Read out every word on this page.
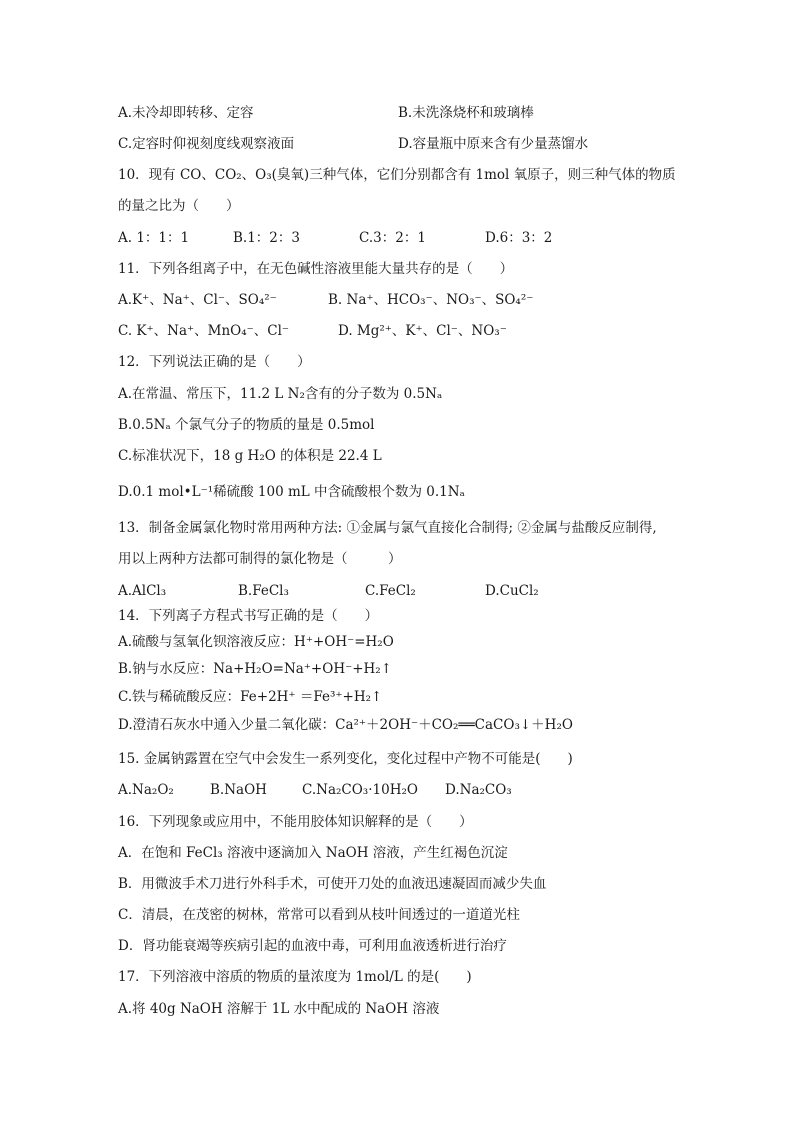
A.未冷却即转移、定容	B.未洗涤烧杯和玻璃棒
C.定容时仰视刻度线观察液面	D.容量瓶中原来含有少量蒸馏水
10．现有 CO、CO₂、O₃(臭氧)三种气体，它们分别都含有 1mol 氧原子，则三种气体的物质
的量之比为（　　）
A. 1：1：1	B.1：2：3	C.3：2：1	D.6：3：2
11．下列各组离子中，在无色碱性溶液里能大量共存的是（　　）
A.K⁺、Na⁺、Cl⁻、SO₄²⁻	B. Na⁺、HCO₃⁻、NO₃⁻、SO₄²⁻
C. K⁺、Na⁺、MnO₄⁻、Cl⁻	D. Mg²⁺、K⁺、Cl⁻、NO₃⁻
12．下列说法正确的是（　　）
A.在常温、常压下，11.2 L N₂含有的分子数为 0.5Nₐ
B.0.5Nₐ 个氯气分子的物质的量是 0.5mol
C.标准状况下，18 g H₂O 的体积是 22.4 L
D.0.1 mol•L⁻¹稀硫酸 100 mL 中含硫酸根个数为 0.1Nₐ
13．制备金属氯化物时常用两种方法: ①金属与氯气直接化合制得; ②金属与盐酸反应制得,
用以上两种方法都可制得的氯化物是（　　　）
A.AlCl₃	B.FeCl₃	C.FeCl₂	D.CuCl₂
14．下列离子方程式书写正确的是（　　）
A.硫酸与氢氧化钡溶液反应：H⁺+OH⁻=H₂O
B.钠与水反应：Na+H₂O=Na⁺+OH⁻+H₂↑
C.铁与稀硫酸反应：Fe+2H⁺ ＝Fe³⁺+H₂↑
D.澄清石灰水中通入少量二氧化碳：Ca²⁺＋2OH⁻＋CO₂══CaCO₃↓＋H₂O
15. 金属钠露置在空气中会发生一系列变化，变化过程中产物不可能是(　　)
A.Na₂O₂	B.NaOH	C.Na₂CO₃·10H₂O D.Na₂CO₃
16．下列现象或应用中，不能用胶体知识解释的是（　　）
A．在饱和 FeCl₃ 溶液中逐滴加入 NaOH 溶液，产生红褐色沉淀
B．用微波手术刀进行外科手术，可使开刀处的血液迅速凝固而减少失血
C．清晨，在茂密的树林，常常可以看到从枝叶间透过的一道道光柱
D．肾功能衰竭等疾病引起的血液中毒，可利用血液透析进行治疗
17．下列溶液中溶质的物质的量浓度为 1mol/L 的是(　　)
A.将 40g NaOH 溶解于 1L 水中配成的 NaOH 溶液
